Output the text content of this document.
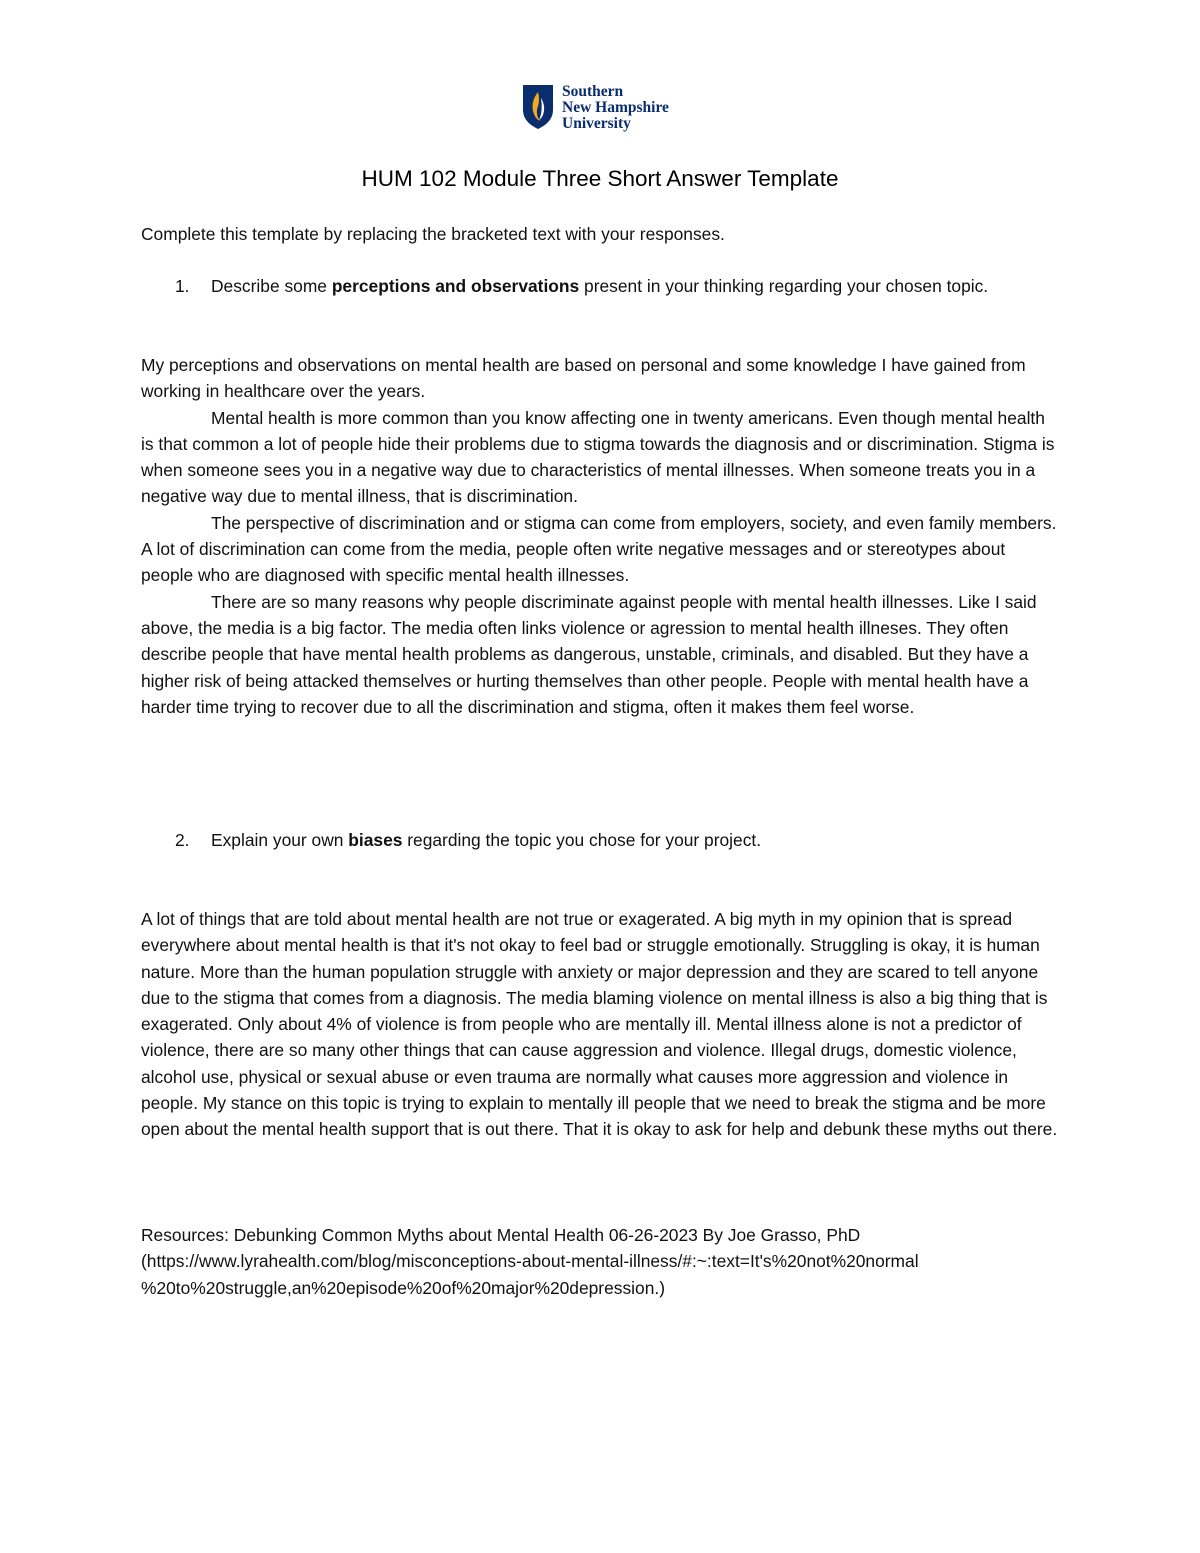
Southern
New Hampshire
University
HUM 102 Module Three Short Answer Template

Complete this template by replacing the bracketed text with your responses.

1. Describe some perceptions and observations present in your thinking regarding your chosen topic.
My perceptions and observations on mental health are based on personal and some knowledge I have gained from working in healthcare over the years.
Mental health is more common than you know affecting one in twenty americans. Even though mental health is that common a lot of people hide their problems due to stigma towards the diagnosis and or discrimination. Stigma is when someone sees you in a negative way due to characteristics of mental illnesses. When someone treats you in a negative way due to mental illness, that is discrimination.
The perspective of discrimination and or stigma can come from employers, society, and even family members. A lot of discrimination can come from the media, people often write negative messages and or stereotypes about people who are diagnosed with specific mental health illnesses.
There are so many reasons why people discriminate against people with mental health illnesses. Like I said above, the media is a big factor. The media often links violence or agression to mental health illneses. They often describe people that have mental health problems as dangerous, unstable, criminals, and disabled. But they have a higher risk of being attacked themselves or hurting themselves than other people. People with mental health have a harder time trying to recover due to all the discrimination and stigma, often it makes them feel worse.
2. Explain your own biases regarding the topic you chose for your project.

A lot of things that are told about mental health are not true or exagerated. A big myth in my opinion that is spread everywhere about mental health is that it's not okay to feel bad or struggle emotionally. Struggling is okay, it is human nature. More than the human population struggle with anxiety or major depression and they are scared to tell anyone due to the stigma that comes from a diagnosis. The media blaming violence on mental illness is also a big thing that is exagerated. Only about 4% of violence is from people who are mentally ill. Mental illness alone is not a predictor of violence, there are so many other things that can cause aggression and violence. Illegal drugs, domestic violence, alcohol use, physical or sexual abuse or even trauma are normally what causes more aggression and violence in people. My stance on this topic is trying to explain to mentally ill people that we need to break the stigma and be more open about the mental health support that is out there. That it is okay to ask for help and debunk these myths out there.

Resources: Debunking Common Myths about Mental Health 06-26-2023 By Joe Grasso, PhD
(https://www.lyrahealth.com/blog/misconceptions-about-mental-illness/#:~:text=It's%20not%20normal
%20to%20struggle,an%20episode%20of%20major%20depression.)
